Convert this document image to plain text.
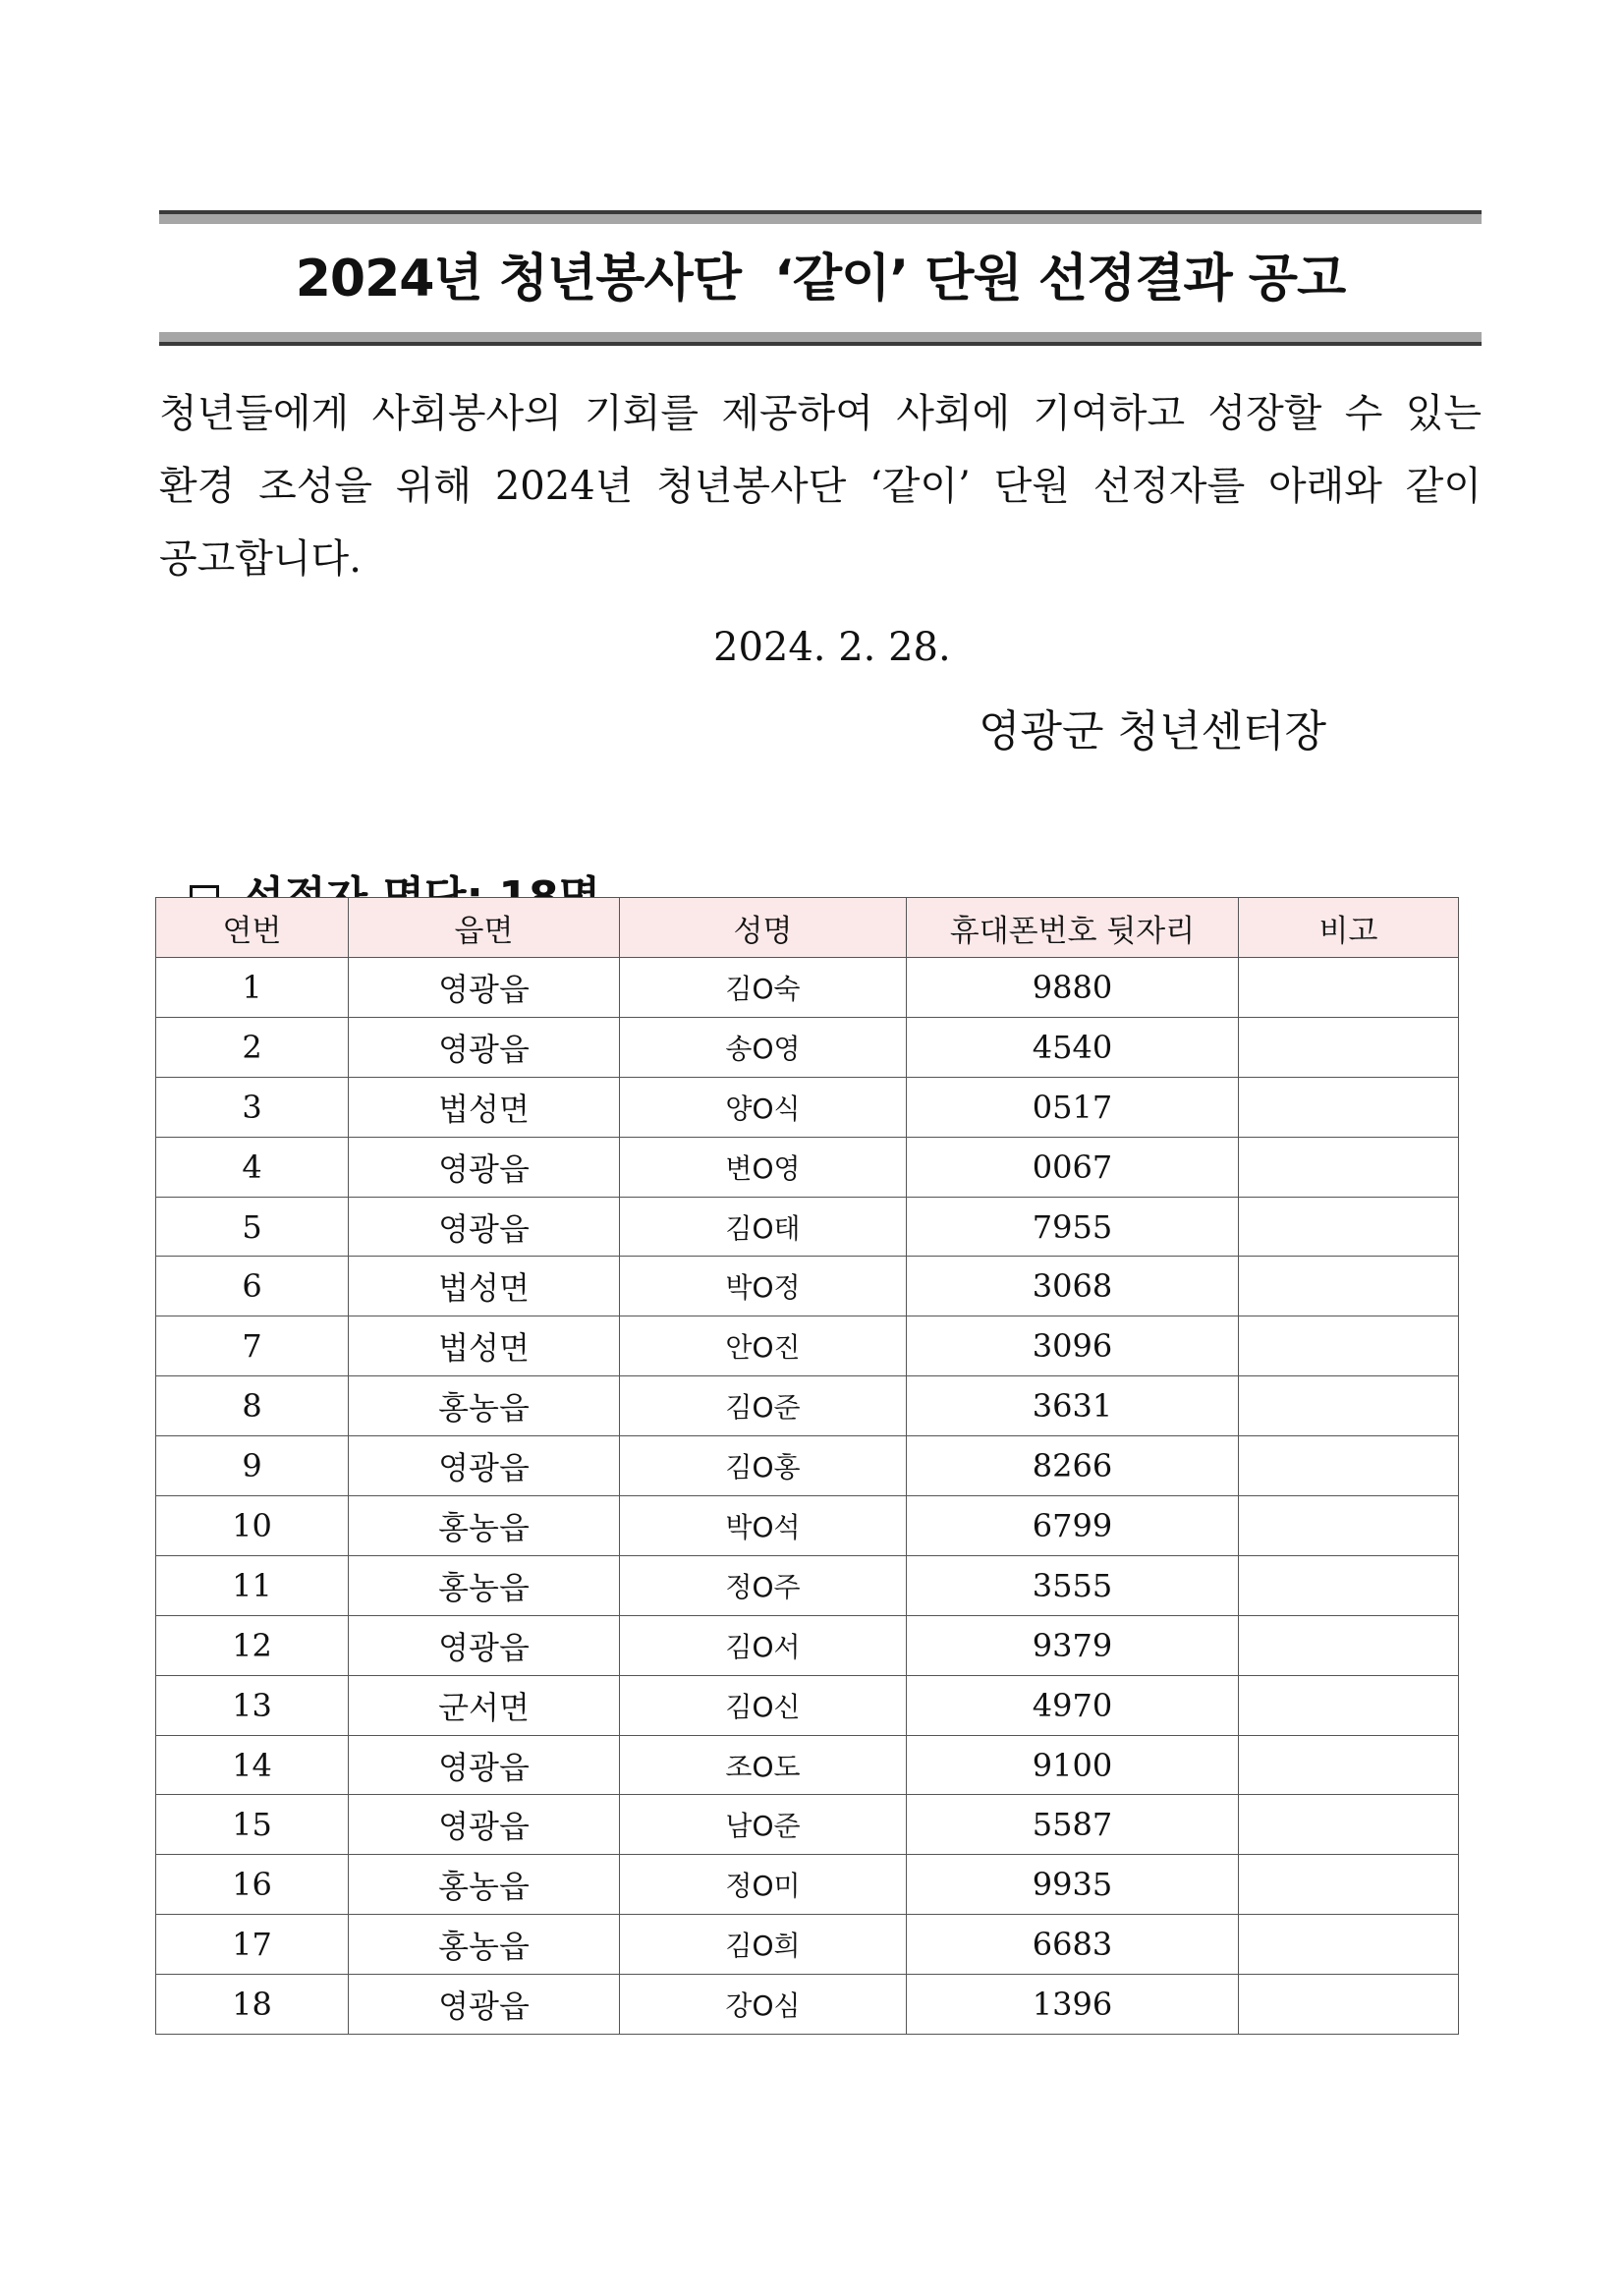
2024년 청년봉사단  ‘같이’ 단원 선정결과 공고
청년들에게 사회봉사의 기회를 제공하여 사회에 기여하고 성장할 수 있는 환경 조성을 위해 2024년 청년봉사단 ‘같이’ 단원 선정자를 아래와 같이 공고합니다.
2024. 2. 28.
영광군 청년센터장

연번	읍면	성명	휴대폰번호 뒷자리	비고
1	영광읍	김O숙	9880	
2	영광읍	송O영	4540	
3	법성면	양O식	0517	
4	영광읍	변O영	0067	
5	영광읍	김O태	7955	
6	법성면	박O정	3068	
7	법성면	안O진	3096	
8	홍농읍	김O준	3631	
9	영광읍	김O홍	8266	
10	홍농읍	박O석	6799	
11	홍농읍	정O주	3555	
12	영광읍	김O서	9379	
13	군서면	김O신	4970	
14	영광읍	조O도	9100	
15	영광읍	남O준	5587	
16	홍농읍	정O미	9935	
17	홍농읍	김O희	6683	
18	영광읍	강O심	1396	
